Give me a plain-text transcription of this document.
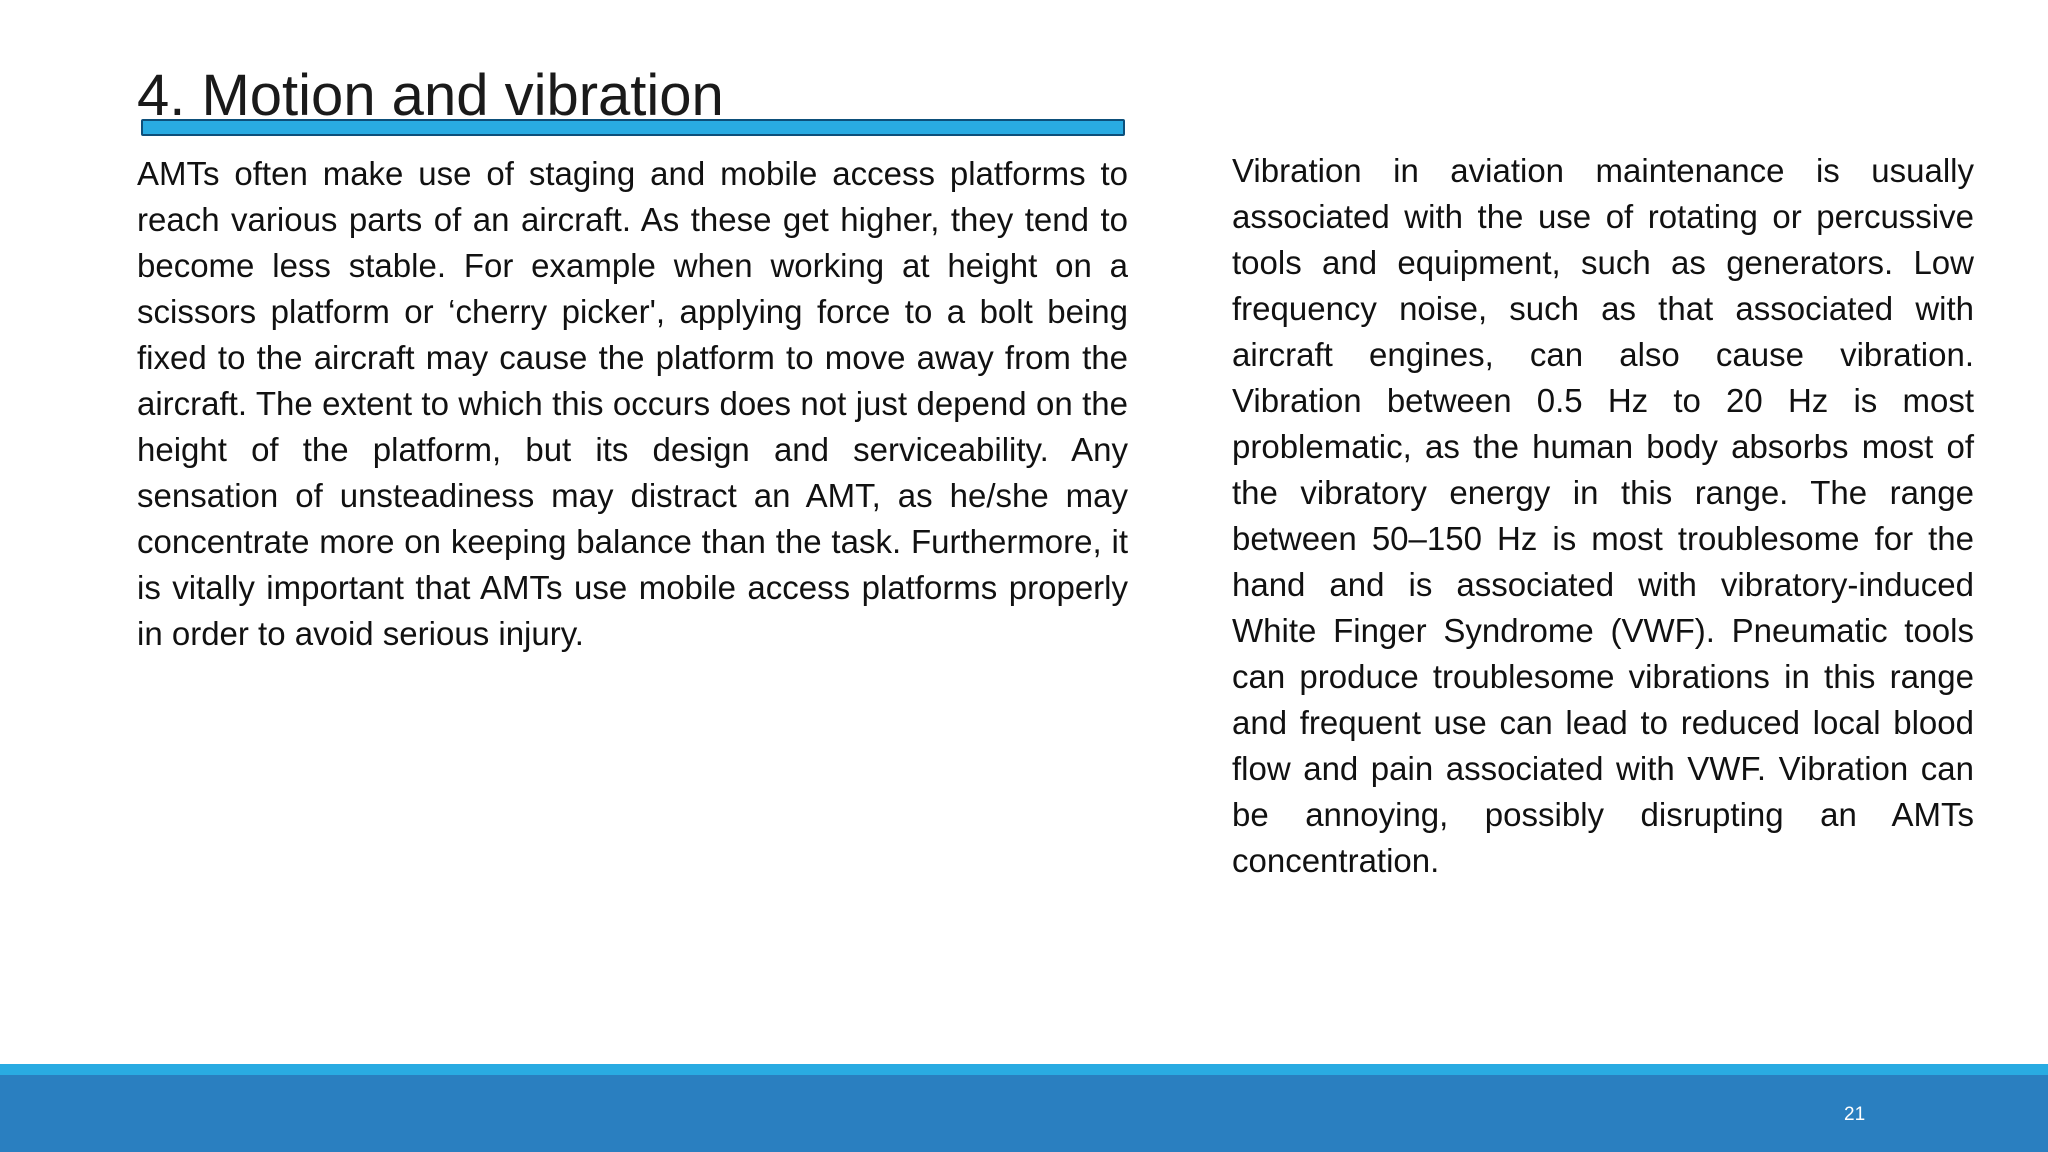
4. Motion and vibration

AMTs often make use of staging and mobile access platforms to reach various parts of an aircraft. As these get higher, they tend to become less stable. For example when working at height on a scissors platform or ‘cherry picker', applying force to a bolt being fixed to the aircraft may cause the platform to move away from the aircraft. The extent to which this occurs does not just depend on the height of the platform, but its design and serviceability. Any sensation of unsteadiness may distract an AMT, as he/she may concentrate more on keeping balance than the task. Furthermore, it is vitally important that AMTs use mobile access platforms properly in order to avoid serious injury.

Vibration in aviation maintenance is usually associated with the use of rotating or percussive tools and equipment, such as generators. Low frequency noise, such as that associated with aircraft engines, can also cause vibration. Vibration between 0.5 Hz to 20 Hz is most problematic, as the human body absorbs most of the vibratory energy in this range. The range between 50–150 Hz is most troublesome for the hand and is associated with vibratory-induced White Finger Syndrome (VWF). Pneumatic tools can produce troublesome vibrations in this range and frequent use can lead to reduced local blood flow and pain associated with VWF. Vibration can be annoying, possibly disrupting an AMTs concentration.

21
